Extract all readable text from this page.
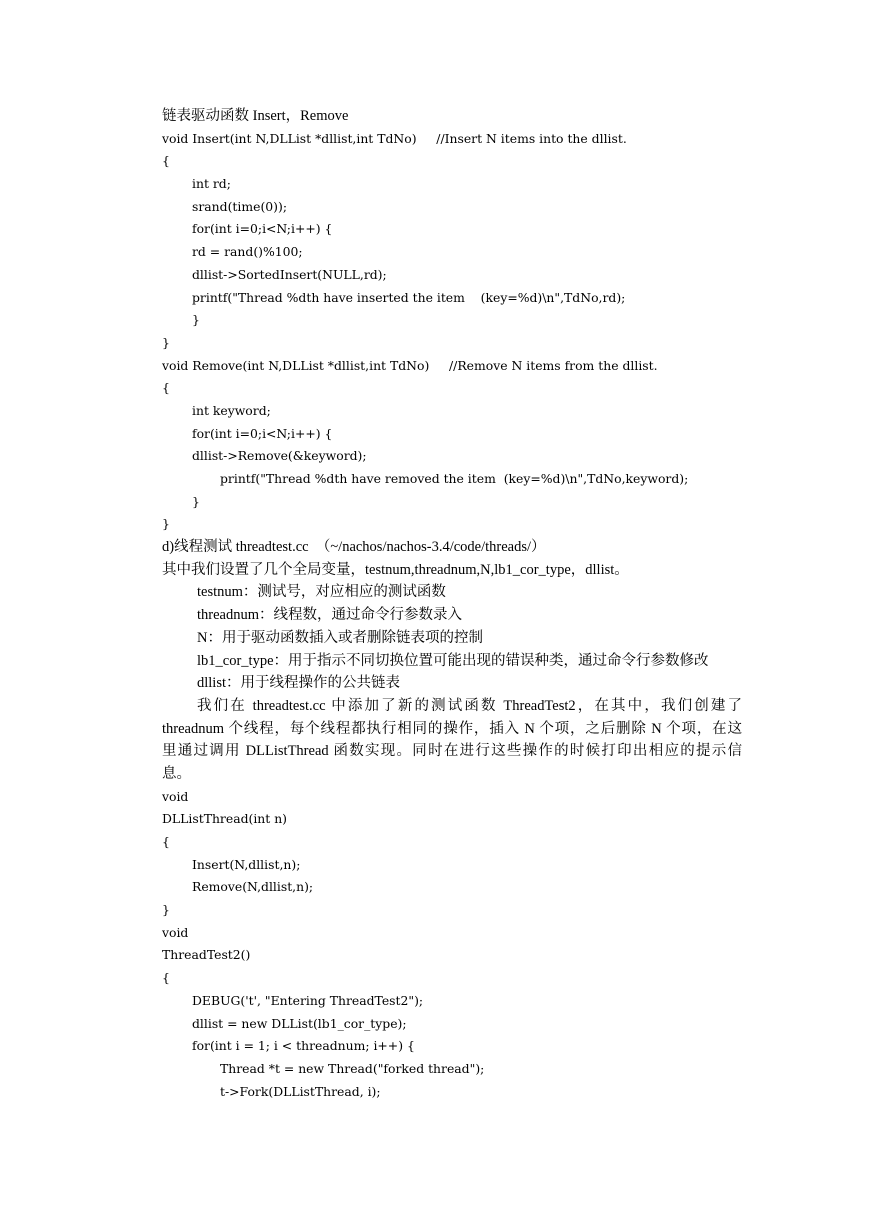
链表驱动函数 Insert，Remove
void Insert(int N,DLList *dllist,int TdNo) //Insert N items into the dllist.
{
int rd;
srand(time(0));
for(int i=0;i<N;i++) {
rd = rand()%100;
dllist->SortedInsert(NULL,rd);
printf("Thread %dth have inserted the item    (key=%d)\n",TdNo,rd);
}
}
void Remove(int N,DLList *dllist,int TdNo) //Remove N items from the dllist.
{
int keyword;
for(int i=0;i<N;i++) {
dllist->Remove(&keyword);
printf("Thread %dth have removed the item  (key=%d)\n",TdNo,keyword);
}
}
d)线程测试 threadtest.cc  （~/nachos/nachos-3.4/code/threads/）
其中我们设置了几个全局变量，testnum,threadnum,N,lb1_cor_type，dllist。
testnum：测试号，对应相应的测试函数
threadnum：线程数，通过命令行参数录入
N：用于驱动函数插入或者删除链表项的控制
lb1_cor_type：用于指示不同切换位置可能出现的错误种类，通过命令行参数修改
dllist：用于线程操作的公共链表
我们在 threadtest.cc 中添加了新的测试函数 ThreadTest2，在其中，我们创建了
threadnum 个线程，每个线程都执行相同的操作，插入 N 个项，之后删除 N 个项，在这
里通过调用 DLListThread 函数实现。同时在进行这些操作的时候打印出相应的提示信
息。
void
DLListThread(int n)
{
Insert(N,dllist,n);
Remove(N,dllist,n);
}
void
ThreadTest2()
{
DEBUG('t', "Entering ThreadTest2");
dllist = new DLList(lb1_cor_type);
for(int i = 1; i < threadnum; i++) {
Thread *t = new Thread("forked thread");
t->Fork(DLListThread, i);
